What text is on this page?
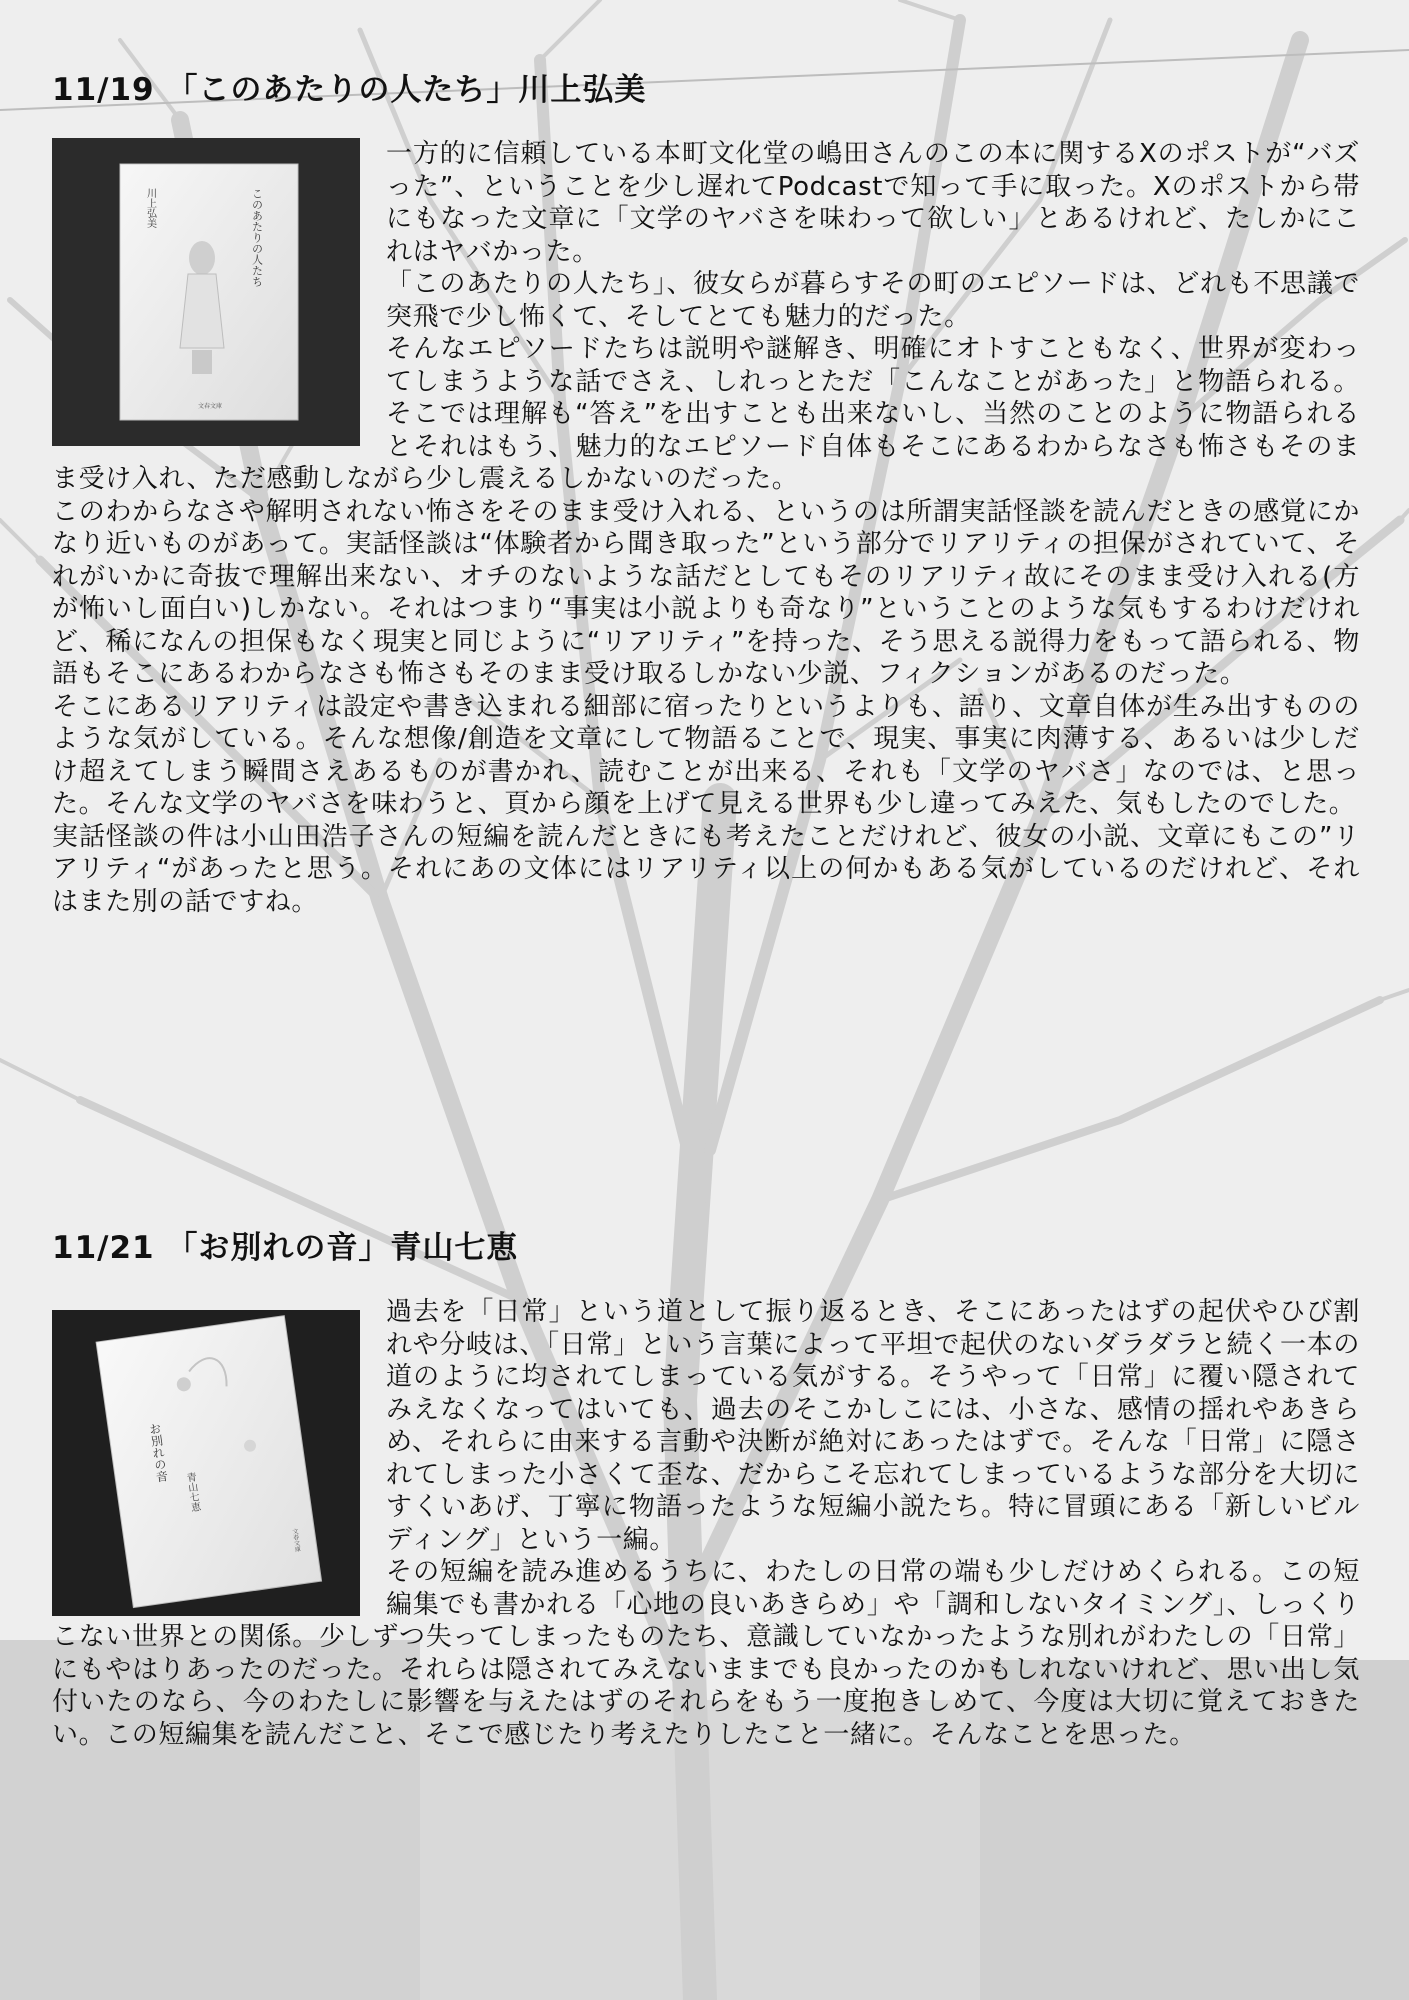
11/19 「このあたりの人たち」川上弘美
このあたりの人たち
川上弘美
文春文庫

一方的に信頼している本町文化堂の嶋田さんのこの本に関するXのポストが“バズった”、ということを少し遅れてPodcastで知って手に取った。Xのポストから帯にもなった文章に「文学のヤバさを味わって欲しい」とあるけれど、たしかにこれはヤバかった。

「このあたりの人たち」、彼女らが暮らすその町のエピソードは、どれも不思議で突飛で少し怖くて、そしてとても魅力的だった。

そんなエピソードたちは説明や謎解き、明確にオトすこともなく、世界が変わってしまうような話でさえ、しれっとただ「こんなことがあった」と物語られる。そこでは理解も“答え”を出すことも出来ないし、当然のことのように物語られるとそれはもう、魅力的なエピソード自体もそこにあるわからなさも怖さもそのまま受け入れ、ただ感動しながら少し震えるしかないのだった。

このわからなさや解明されない怖さをそのまま受け入れる、というのは所謂実話怪談を読んだときの感覚にかなり近いものがあって。実話怪談は“体験者から聞き取った”という部分でリアリティの担保がされていて、それがいかに奇抜で理解出来ない、オチのないような話だとしてもそのリアリティ故にそのまま受け入れる(方が怖いし面白い)しかない。それはつまり“事実は小説よりも奇なり”ということのような気もするわけだけれど、稀になんの担保もなく現実と同じように“リアリティ”を持った、そう思える説得力をもって語られる、物語もそこにあるわからなさも怖さもそのまま受け取るしかない少説、フィクションがあるのだった。

そこにあるリアリティは設定や書き込まれる細部に宿ったりというよりも、語り、文章自体が生み出すもののような気がしている。そんな想像/創造を文章にして物語ることで、現実、事実に肉薄する、あるいは少しだけ超えてしまう瞬間さえあるものが書かれ、読むことが出来る、それも「文学のヤバさ」なのでは、と思った。そんな文学のヤバさを味わうと、頁から顔を上げて見える世界も少し違ってみえた、気もしたのでした。

実話怪談の件は小山田浩子さんの短編を読んだときにも考えたことだけれど、彼女の小説、文章にもこの”リアリティ“があったと思う。それにあの文体にはリアリティ以上の何かもある気がしているのだけれど、それはまた別の話ですね。

11/21 「お別れの音」青山七恵
お別れの音
青山七恵
文春文庫

過去を「日常」という道として振り返るとき、そこにあったはずの起伏やひび割れや分岐は、「日常」という言葉によって平坦で起伏のないダラダラと続く一本の道のように均されてしまっている気がする。そうやって「日常」に覆い隠されてみえなくなってはいても、過去のそこかしこには、小さな、感情の揺れやあきらめ、それらに由来する言動や決断が絶対にあったはずで。そんな「日常」に隠されてしまった小さくて歪な、だからこそ忘れてしまっているような部分を大切にすくいあげ、丁寧に物語ったような短編小説たち。特に冒頭にある「新しいビルディング」という一編。

その短編を読み進めるうちに、わたしの日常の端も少しだけめくられる。この短編集でも書かれる「心地の良いあきらめ」や「調和しないタイミング」、しっくりこない世界との関係。少しずつ失ってしまったものたち、意識していなかったような別れがわたしの「日常」にもやはりあったのだった。それらは隠されてみえないままでも良かったのかもしれないけれど、思い出し気付いたのなら、今のわたしに影響を与えたはずのそれらをもう一度抱きしめて、今度は大切に覚えておきたい。この短編集を読んだこと、そこで感じたり考えたりしたこと一緒に。そんなことを思った。
